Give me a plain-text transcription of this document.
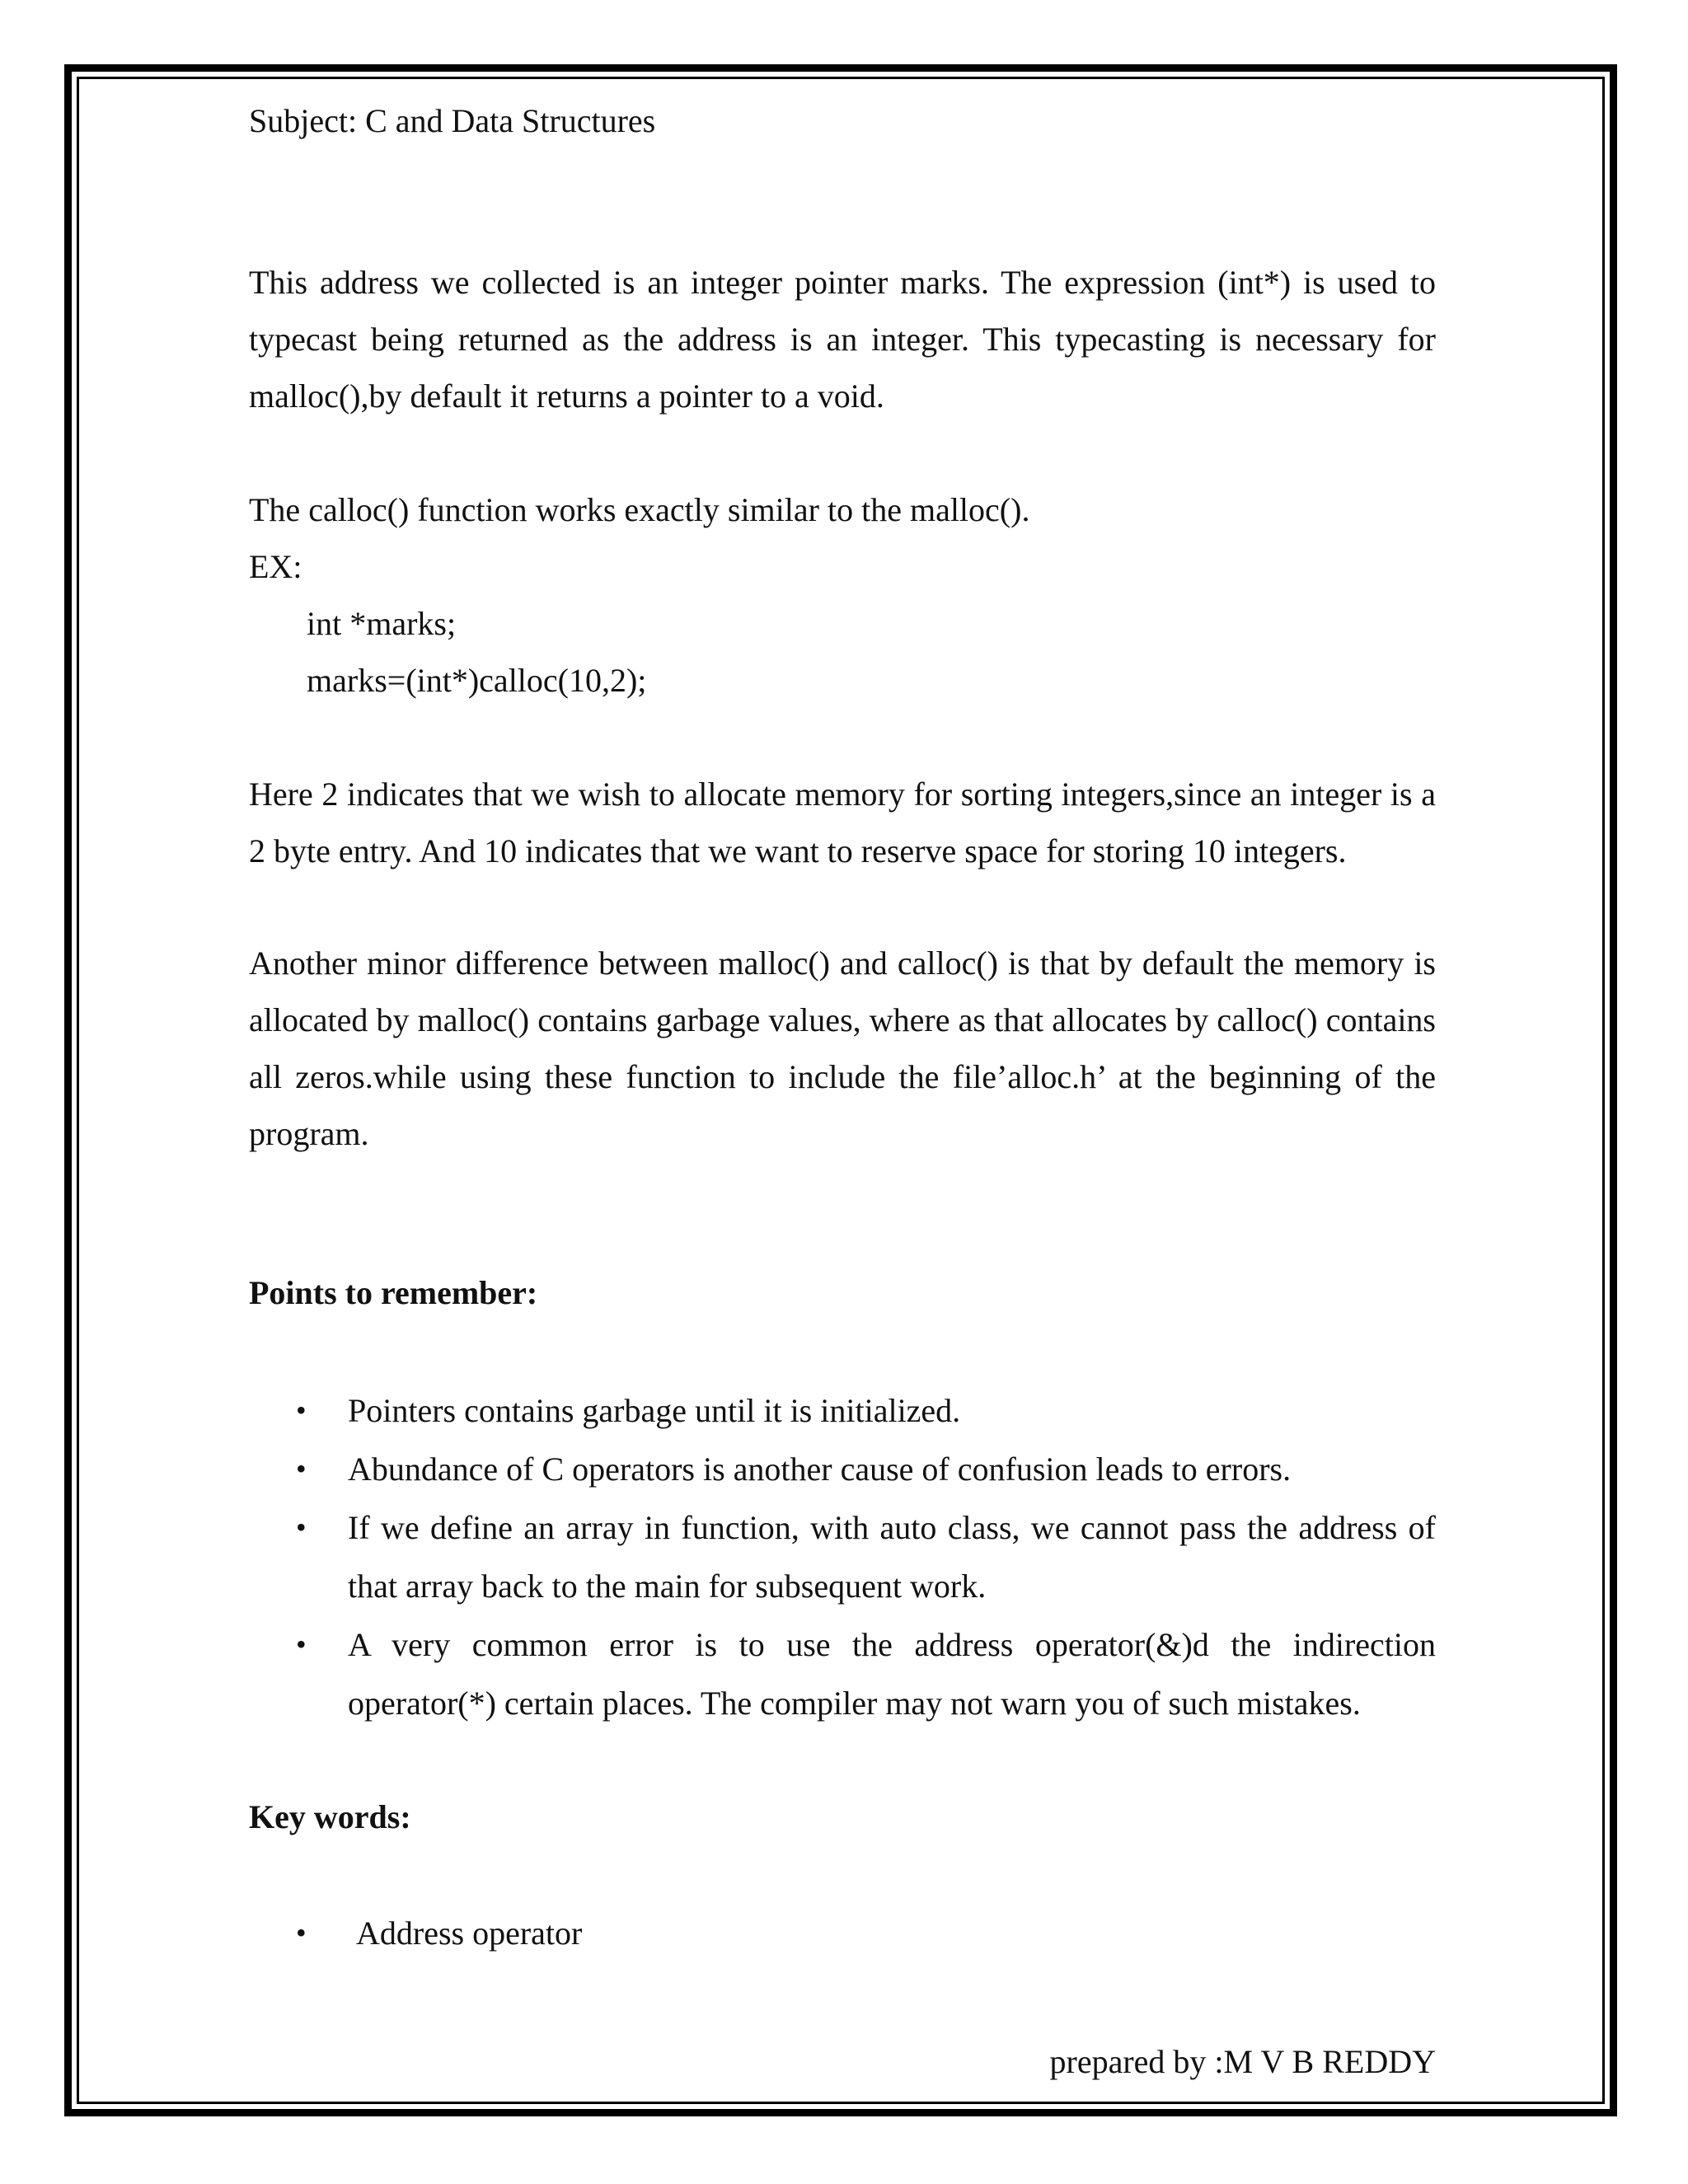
Subject: C and Data Structures

This address we collected is an integer pointer marks. The expression (int*) is used to typecast being returned as the address is an integer. This typecasting is necessary for malloc(),by default it returns a pointer to a void.

The calloc() function works exactly similar to the malloc().

EX:

int *marks;

marks=(int*)calloc(10,2);

Here 2 indicates that we wish to allocate memory for sorting integers,since an integer is a 2 byte entry. And 10 indicates that we want to reserve space for storing 10 integers.

Another minor difference between malloc() and calloc() is that by default the memory is allocated by malloc() contains garbage values, where as that allocates by calloc() contains all zeros.while using these function to include the file’alloc.h’ at the beginning of the program.

Points to remember:

• Pointers contains garbage until it is initialized.
• Abundance of C operators is another cause of confusion leads to errors.
• If we define an array in function, with auto class, we cannot pass the address of that array back to the main for subsequent work.
• A very common error is to use the address operator(&)d the indirection operator(*) certain places. The compiler may not warn you of such mistakes.

Key words:

• Address operator
prepared by :M V B REDDY
